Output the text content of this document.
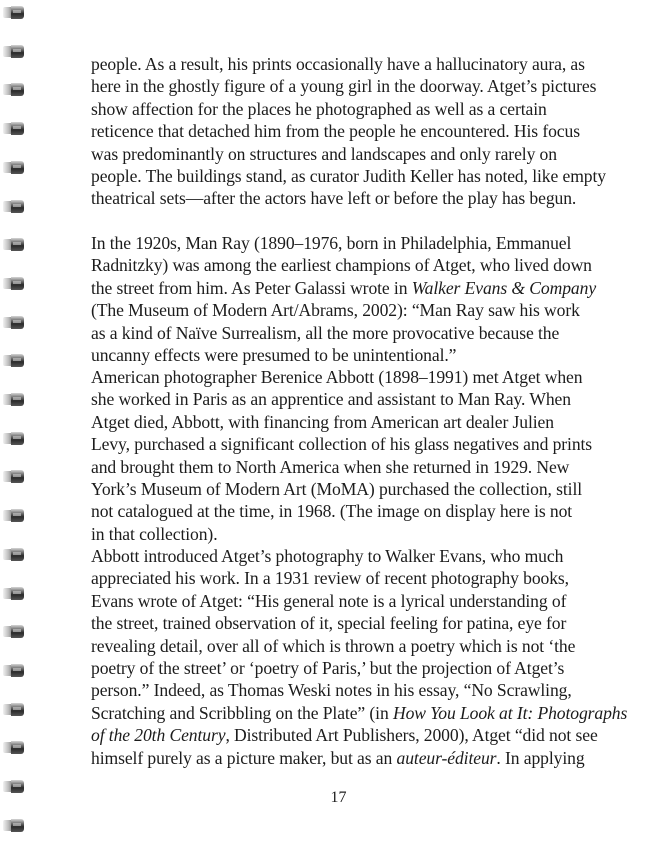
people. As a result, his prints occasionally have a hallucinatory aura, as

here in the ghostly figure of a young girl in the doorway. Atget’s pictures

show affection for the places he photographed as well as a certain

reticence that detached him from the people he encountered. His focus

was predominantly on structures and landscapes and only rarely on

people. The buildings stand, as curator Judith Keller has noted, like empty

theatrical sets—after the actors have left or before the play has begun.

In the 1920s, Man Ray (1890–1976, born in Philadelphia, Emmanuel

Radnitzky) was among the earliest champions of Atget, who lived down

the street from him. As Peter Galassi wrote in Walker Evans & Company

(The Museum of Modern Art/Abrams, 2002): “Man Ray saw his work

as a kind of Naïve Surrealism, all the more provocative because the

uncanny effects were presumed to be unintentional.”

American photographer Berenice Abbott (1898–1991) met Atget when

she worked in Paris as an apprentice and assistant to Man Ray. When

Atget died, Abbott, with financing from American art dealer Julien

Levy, purchased a significant collection of his glass negatives and prints

and brought them to North America when she returned in 1929. New

York’s Museum of Modern Art (MoMA) purchased the collection, still

not catalogued at the time, in 1968. (The image on display here is not

in that collection).

Abbott introduced Atget’s photography to Walker Evans, who much

appreciated his work. In a 1931 review of recent photography books,

Evans wrote of Atget: “His general note is a lyrical understanding of

the street, trained observation of it, special feeling for patina, eye for

revealing detail, over all of which is thrown a poetry which is not ‘the

poetry of the street’ or ‘poetry of Paris,’ but the projection of Atget’s

person.” Indeed, as Thomas Weski notes in his essay, “No Scrawling,

Scratching and Scribbling on the Plate” (in How You Look at It: Photographs

of the 20th Century, Distributed Art Publishers, 2000), Atget “did not see

himself purely as a picture maker, but as an auteur-éditeur. In applying

17
